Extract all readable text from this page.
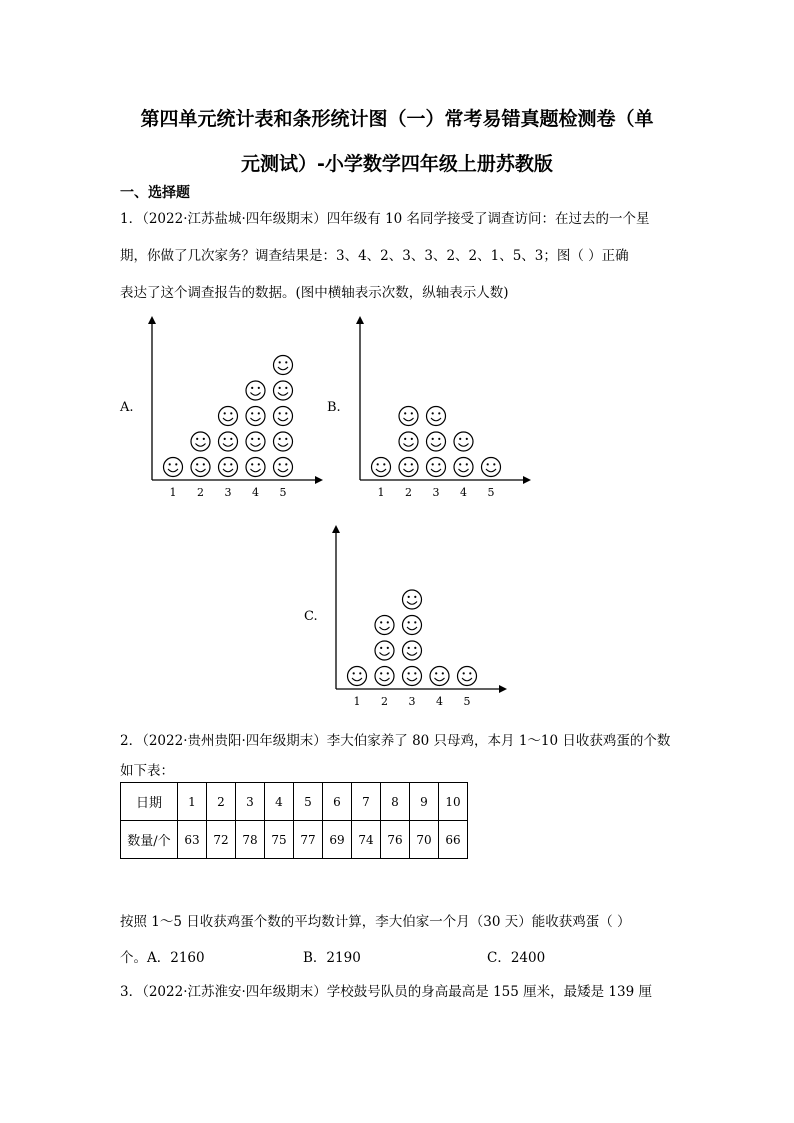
第四单元统计表和条形统计图（一）常考易错真题检测卷（单
元测试）-小学数学四年级上册苏教版
一、选择题
1．（2022·江苏盐城·四年级期末）四年级有 10 名同学接受了调查访问：在过去的一个星
期，你做了几次家务？调查结果是：3、4、2、3、3、2、2、1、5、3；图（ ）正确
表达了这个调查报告的数据。(图中横轴表示次数，纵轴表示人数)
A.
1 2 3 4 5
B.
1 2 3 4 5
C.
1 2 3 4 5
2．（2022·贵州贵阳·四年级期末）李大伯家养了 80 只母鸡，本月 1～10 日收获鸡蛋的个数
如下表：
日期	1	2	3	4	5	6	7	8	9	10
数量/个	63	72	78	75	77	69	74	76	70	66
按照 1～5 日收获鸡蛋个数的平均数计算，李大伯家一个月（30 天）能收获鸡蛋（ ）
个。A．2160	B．2190	C．2400
3．（2022·江苏淮安·四年级期末）学校鼓号队员的身高最高是 155 厘米，最矮是 139 厘
